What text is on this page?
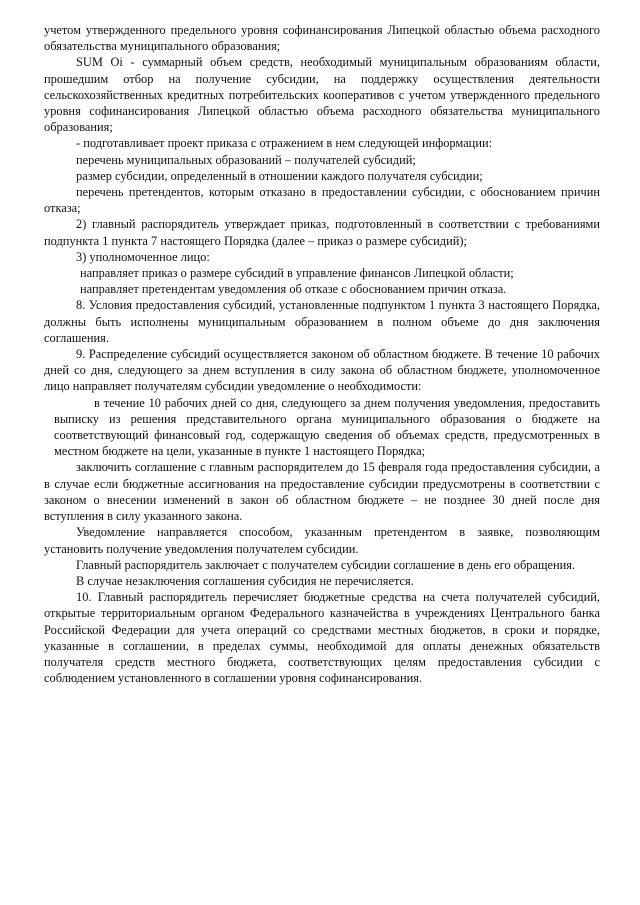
учетом утвержденного предельного уровня софинансирования Липецкой областью объема расходного обязательства муниципального образования;

SUM Oi - суммарный объем средств, необходимый муниципальным образованиям области, прошедшим отбор на получение субсидии, на поддержку осуществления деятельности сельскохозяйственных кредитных потребительских кооперативов с учетом утвержденного предельного уровня софинансирования Липецкой областью объема расходного обязательства муниципального образования;

- подготавливает проект приказа с отражением в нем следующей информации:

перечень муниципальных образований – получателей субсидий;

размер субсидии, определенный в отношении каждого получателя субсидии;

перечень претендентов, которым отказано в предоставлении субсидии, с обоснованием причин отказа;

2) главный распорядитель утверждает приказ, подготовленный в соответствии с требованиями подпункта 1 пункта 7 настоящего Порядка (далее – приказ о размере субсидий);

3) уполномоченное лицо:

направляет приказ о размере субсидий в управление финансов Липецкой области;

направляет претендентам уведомления об отказе с обоснованием причин отказа.

8. Условия предоставления субсидий, установленные подпунктом 1 пункта 3 настоящего Порядка, должны быть исполнены муниципальным образованием в полном объеме до дня заключения соглашения.

9. Распределение субсидий осуществляется законом об областном бюджете. В течение 10 рабочих дней со дня, следующего за днем вступления в силу закона об областном бюджете, уполномоченное лицо направляет получателям субсидии уведомление о необходимости:

в течение 10 рабочих дней со дня, следующего за днем получения уведомления, предоставить выписку из решения представительного органа муниципального образования о бюджете на соответствующий финансовый год, содержащую сведения об объемах средств, предусмотренных в местном бюджете на цели, указанные в пункте 1 настоящего Порядка;

заключить соглашение с главным распорядителем до 15 февраля года предоставления субсидии, а в случае если бюджетные ассигнования на предоставление субсидии предусмотрены в соответствии с законом о внесении изменений в закон об областном бюджете – не позднее 30 дней после дня вступления в силу указанного закона.

Уведомление направляется способом, указанным претендентом в заявке, позволяющим установить получение уведомления получателем субсидии.

Главный распорядитель заключает с получателем субсидии соглашение в день его обращения.

В случае незаключения соглашения субсидия не перечисляется.

10. Главный распорядитель перечисляет бюджетные средства на счета получателей субсидий, открытые территориальным органом Федерального казначейства в учреждениях Центрального банка Российской Федерации для учета операций со средствами местных бюджетов, в сроки и порядке, указанные в соглашении, в пределах суммы, необходимой для оплаты денежных обязательств получателя средств местного бюджета, соответствующих целям предоставления субсидии с соблюдением установленного в соглашении уровня софинансирования.
